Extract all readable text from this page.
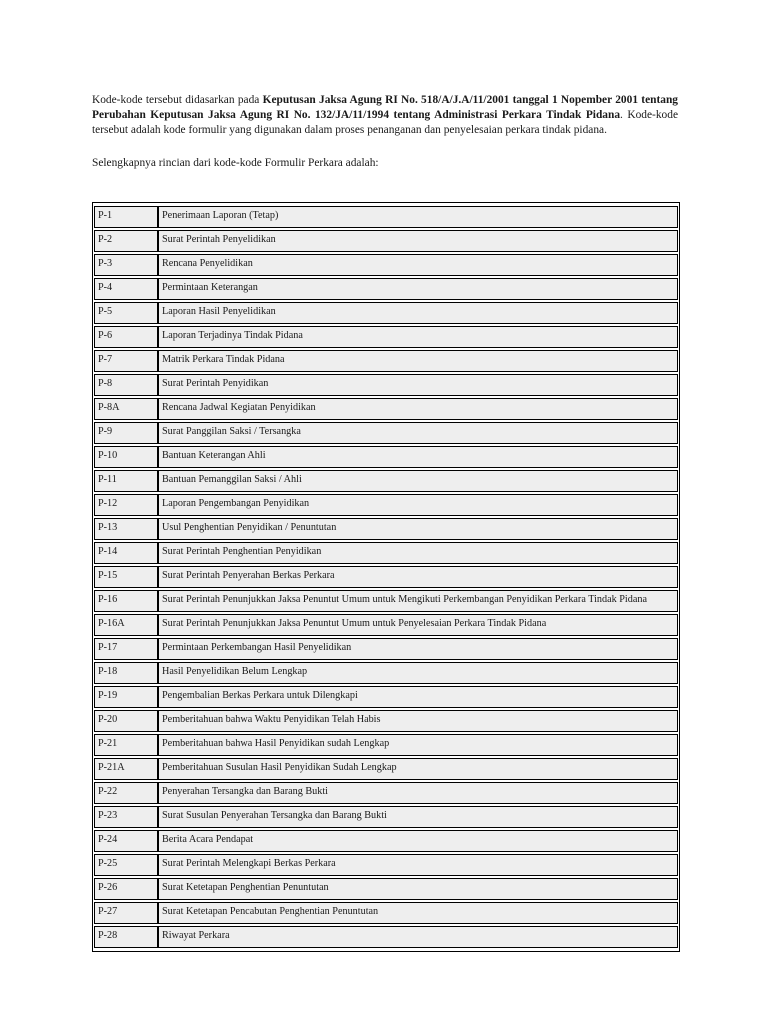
Kode-kode tersebut didasarkan pada Keputusan Jaksa Agung RI No. 518/A/J.A/11/2001 tanggal 1 Nopember 2001 tentang Perubahan Keputusan Jaksa Agung RI No. 132/JA/11/1994 tentang Administrasi Perkara Tindak Pidana. Kode-kode tersebut adalah kode formulir yang digunakan dalam proses penanganan dan penyelesaian perkara tindak pidana.

Selengkapnya rincian dari kode-kode Formulir Perkara adalah:

P-1	Penerimaan Laporan (Tetap)
P-2	Surat Perintah Penyelidikan
P-3	Rencana Penyelidikan
P-4	Permintaan Keterangan
P-5	Laporan Hasil Penyelidikan
P-6	Laporan Terjadinya Tindak Pidana
P-7	Matrik Perkara Tindak Pidana
P-8	Surat Perintah Penyidikan
P-8A	Rencana Jadwal Kegiatan Penyidikan
P-9	Surat Panggilan Saksi / Tersangka
P-10	Bantuan Keterangan Ahli
P-11	Bantuan Pemanggilan Saksi / Ahli
P-12	Laporan Pengembangan Penyidikan
P-13	Usul Penghentian Penyidikan / Penuntutan
P-14	Surat Perintah Penghentian Penyidikan
P-15	Surat Perintah Penyerahan Berkas Perkara
P-16	Surat Perintah Penunjukkan Jaksa Penuntut Umum untuk Mengikuti Perkembangan Penyidikan Perkara Tindak Pidana
P-16A	Surat Perintah Penunjukkan Jaksa Penuntut Umum untuk Penyelesaian Perkara Tindak Pidana
P-17	Permintaan Perkembangan Hasil Penyelidikan
P-18	Hasil Penyelidikan Belum Lengkap
P-19	Pengembalian Berkas Perkara untuk Dilengkapi
P-20	Pemberitahuan bahwa Waktu Penyidikan Telah Habis
P-21	Pemberitahuan bahwa Hasil Penyidikan sudah Lengkap
P-21A	Pemberitahuan Susulan Hasil Penyidikan Sudah Lengkap
P-22	Penyerahan Tersangka dan Barang Bukti
P-23	Surat Susulan Penyerahan Tersangka dan Barang Bukti
P-24	Berita Acara Pendapat
P-25	Surat Perintah Melengkapi Berkas Perkara
P-26	Surat Ketetapan Penghentian Penuntutan
P-27	Surat Ketetapan Pencabutan Penghentian Penuntutan
P-28	Riwayat Perkara
